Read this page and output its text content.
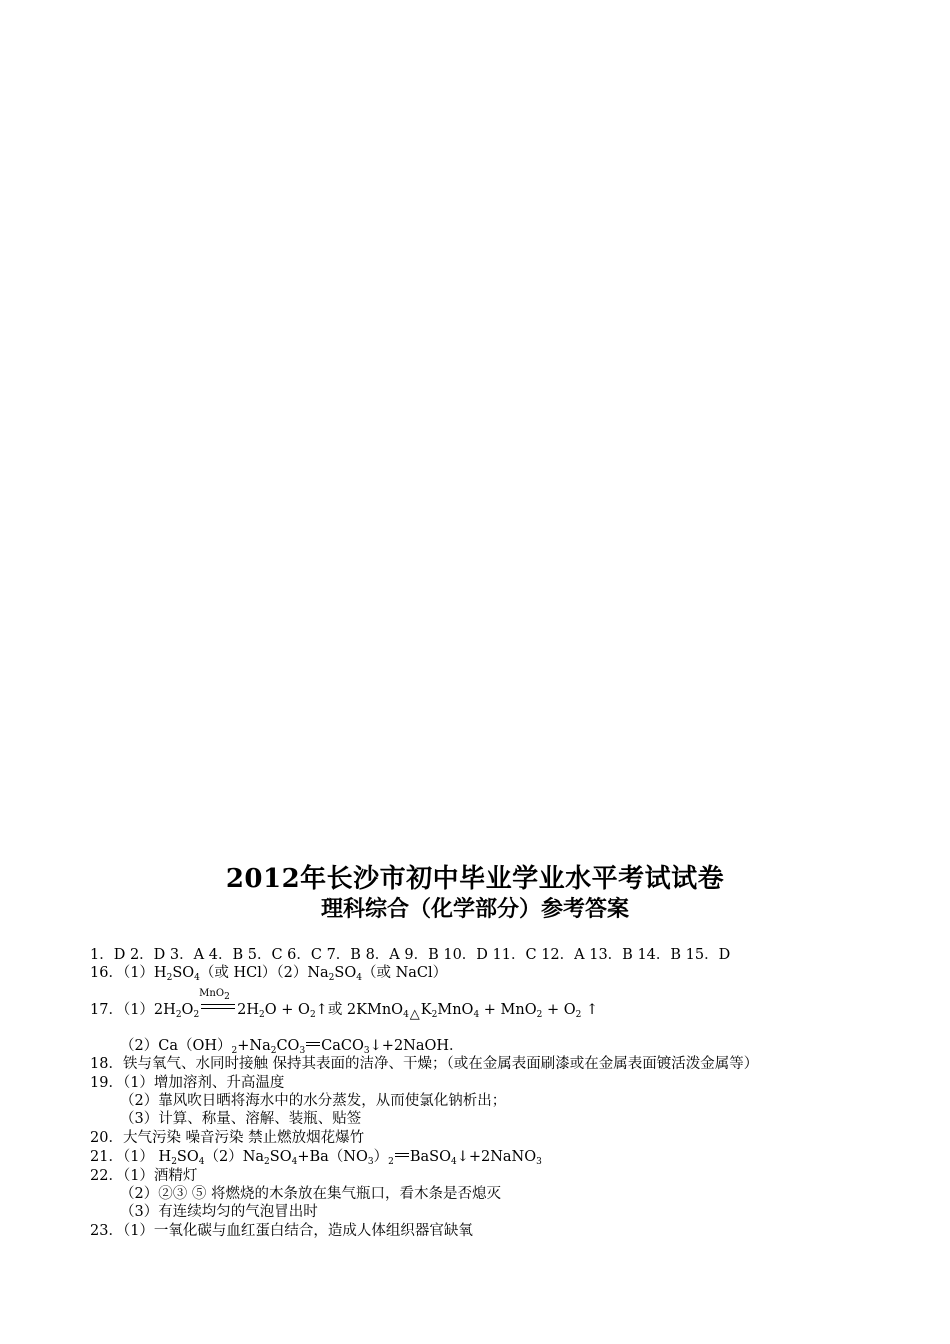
2012年长沙市初中毕业学业水平考试试卷
理科综合（化学部分）参考答案
1．D 2．D 3．A 4．B 5．C 6．C 7．B 8．A 9．B 10．D 11．C 12．A 13．B 14．B 15．D
16．$(1)H_2SO_4$（或 $HCl)(2)Na_2SO_4$（或 NaCl）
17．$(1)2H_2O_2$
MnO$_2$
$2H_2O$ + $O_2↑$或 $2KMnO_4\triangle K_2MnO_4 + MnO_2 + O_2$ ↑
$(2)Ca(OH)_2+Na_2CO_3$ CaCO$_3$↓+2NaOH．
18．铁与氧气、水同时接触 保持其表面的洁净、干燥；（或在金属表面刷漆或在金属表面镀活泼金属等）
19．（1）增加溶剂、升高温度
（2）靠风吹日晒将海水中的水分蒸发，从而使氯化钠析出；
（3）计算、称量、溶解、装瓶、贴签
20．大气污染 噪音污染 禁止燃放烟花爆竹
21．（1） $H_2SO_4(2)Na_2SO_4+Ba(NO_3)_2$ BaSO$_4$↓+2NaNO$_3$
22．（1）酒精灯
（2）②③ ⑤ 将燃烧的木条放在集气瓶口，看木条是否熄灭
（3）有连续均匀的气泡冒出时
23．（1）一氧化碳与血红蛋白结合，造成人体组织器官缺氧
